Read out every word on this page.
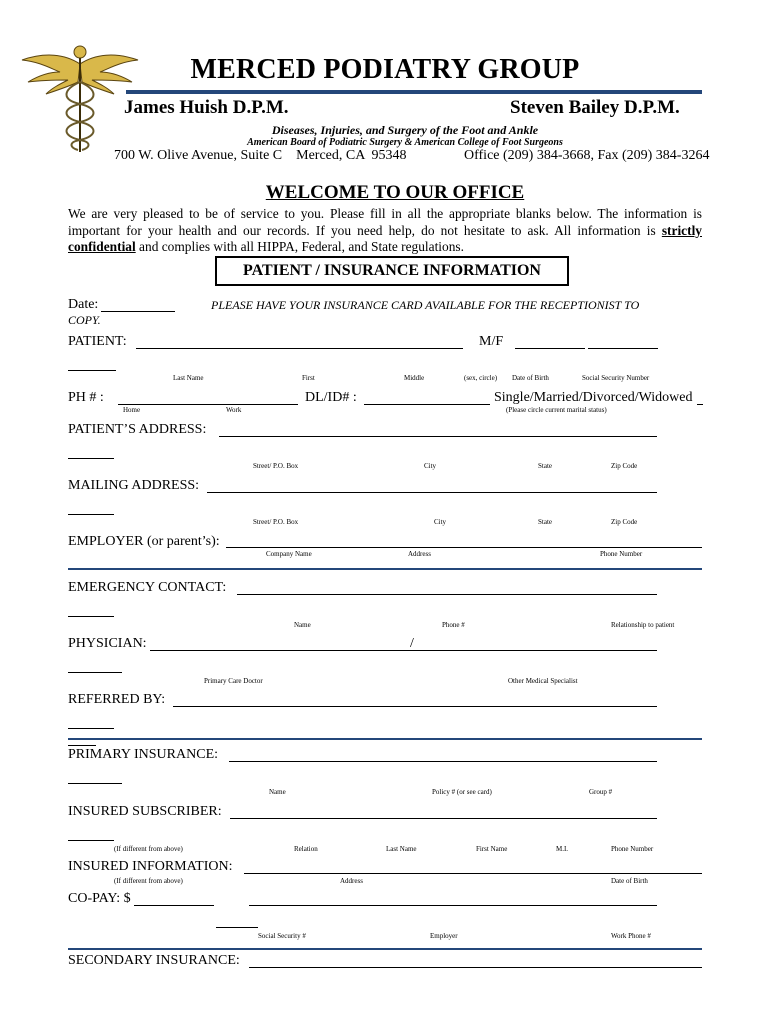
MERCED PODIATRY GROUP
James Huish D.P.M.	Steven Bailey D.P.M.
Diseases, Injuries, and Surgery of the Foot and Ankle
American Board of Podiatric Surgery & American College of Foot Surgeons
700 W. Olive Avenue, Suite C    Merced, CA  95348	Office (209) 384-3668, Fax (209) 384-3264
WELCOME TO OUR OFFICE
We are very pleased to be of service to you. Please fill in all the appropriate blanks below. The information is important for your health and our records. If you need help, do not hesitate to ask. All information is strictly confidential and complies with all HIPPA, Federal, and State regulations.
PATIENT / INSURANCE INFORMATION
Date:	PLEASE HAVE YOUR INSURANCE CARD AVAILABLE FOR THE RECEPTIONIST TO
COPY.
PATIENT:	M/F
Last Name	First	Middle	(sex, circle) Date of Birth	Social Security Number
PH # :	DL/ID# :	Single/Married/Divorced/Widowed
Home	Work	(Please circle current marital status)
PATIENT’S ADDRESS:
Street/ P.O. Box	City	State	Zip Code
MAILING ADDRESS:
Street/ P.O. Box	City	State	Zip Code
EMPLOYER (or parent’s):
Company Name	Address	Phone Number
EMERGENCY CONTACT:
Name	Phone #	Relationship to patient
PHYSICIAN:	/
Primary Care Doctor	Other Medical Specialist
REFERRED BY:
PRIMARY INSURANCE:
Name	Policy # (or see card)	Group #
INSURED SUBSCRIBER:
(If different from above)	Relation	Last Name	First Name	M.I.	Phone Number
INSURED INFORMATION:
(If different from above)	Address	Date of Birth
CO-PAY: $
Social Security #	Employer	Work Phone #
SECONDARY INSURANCE:
